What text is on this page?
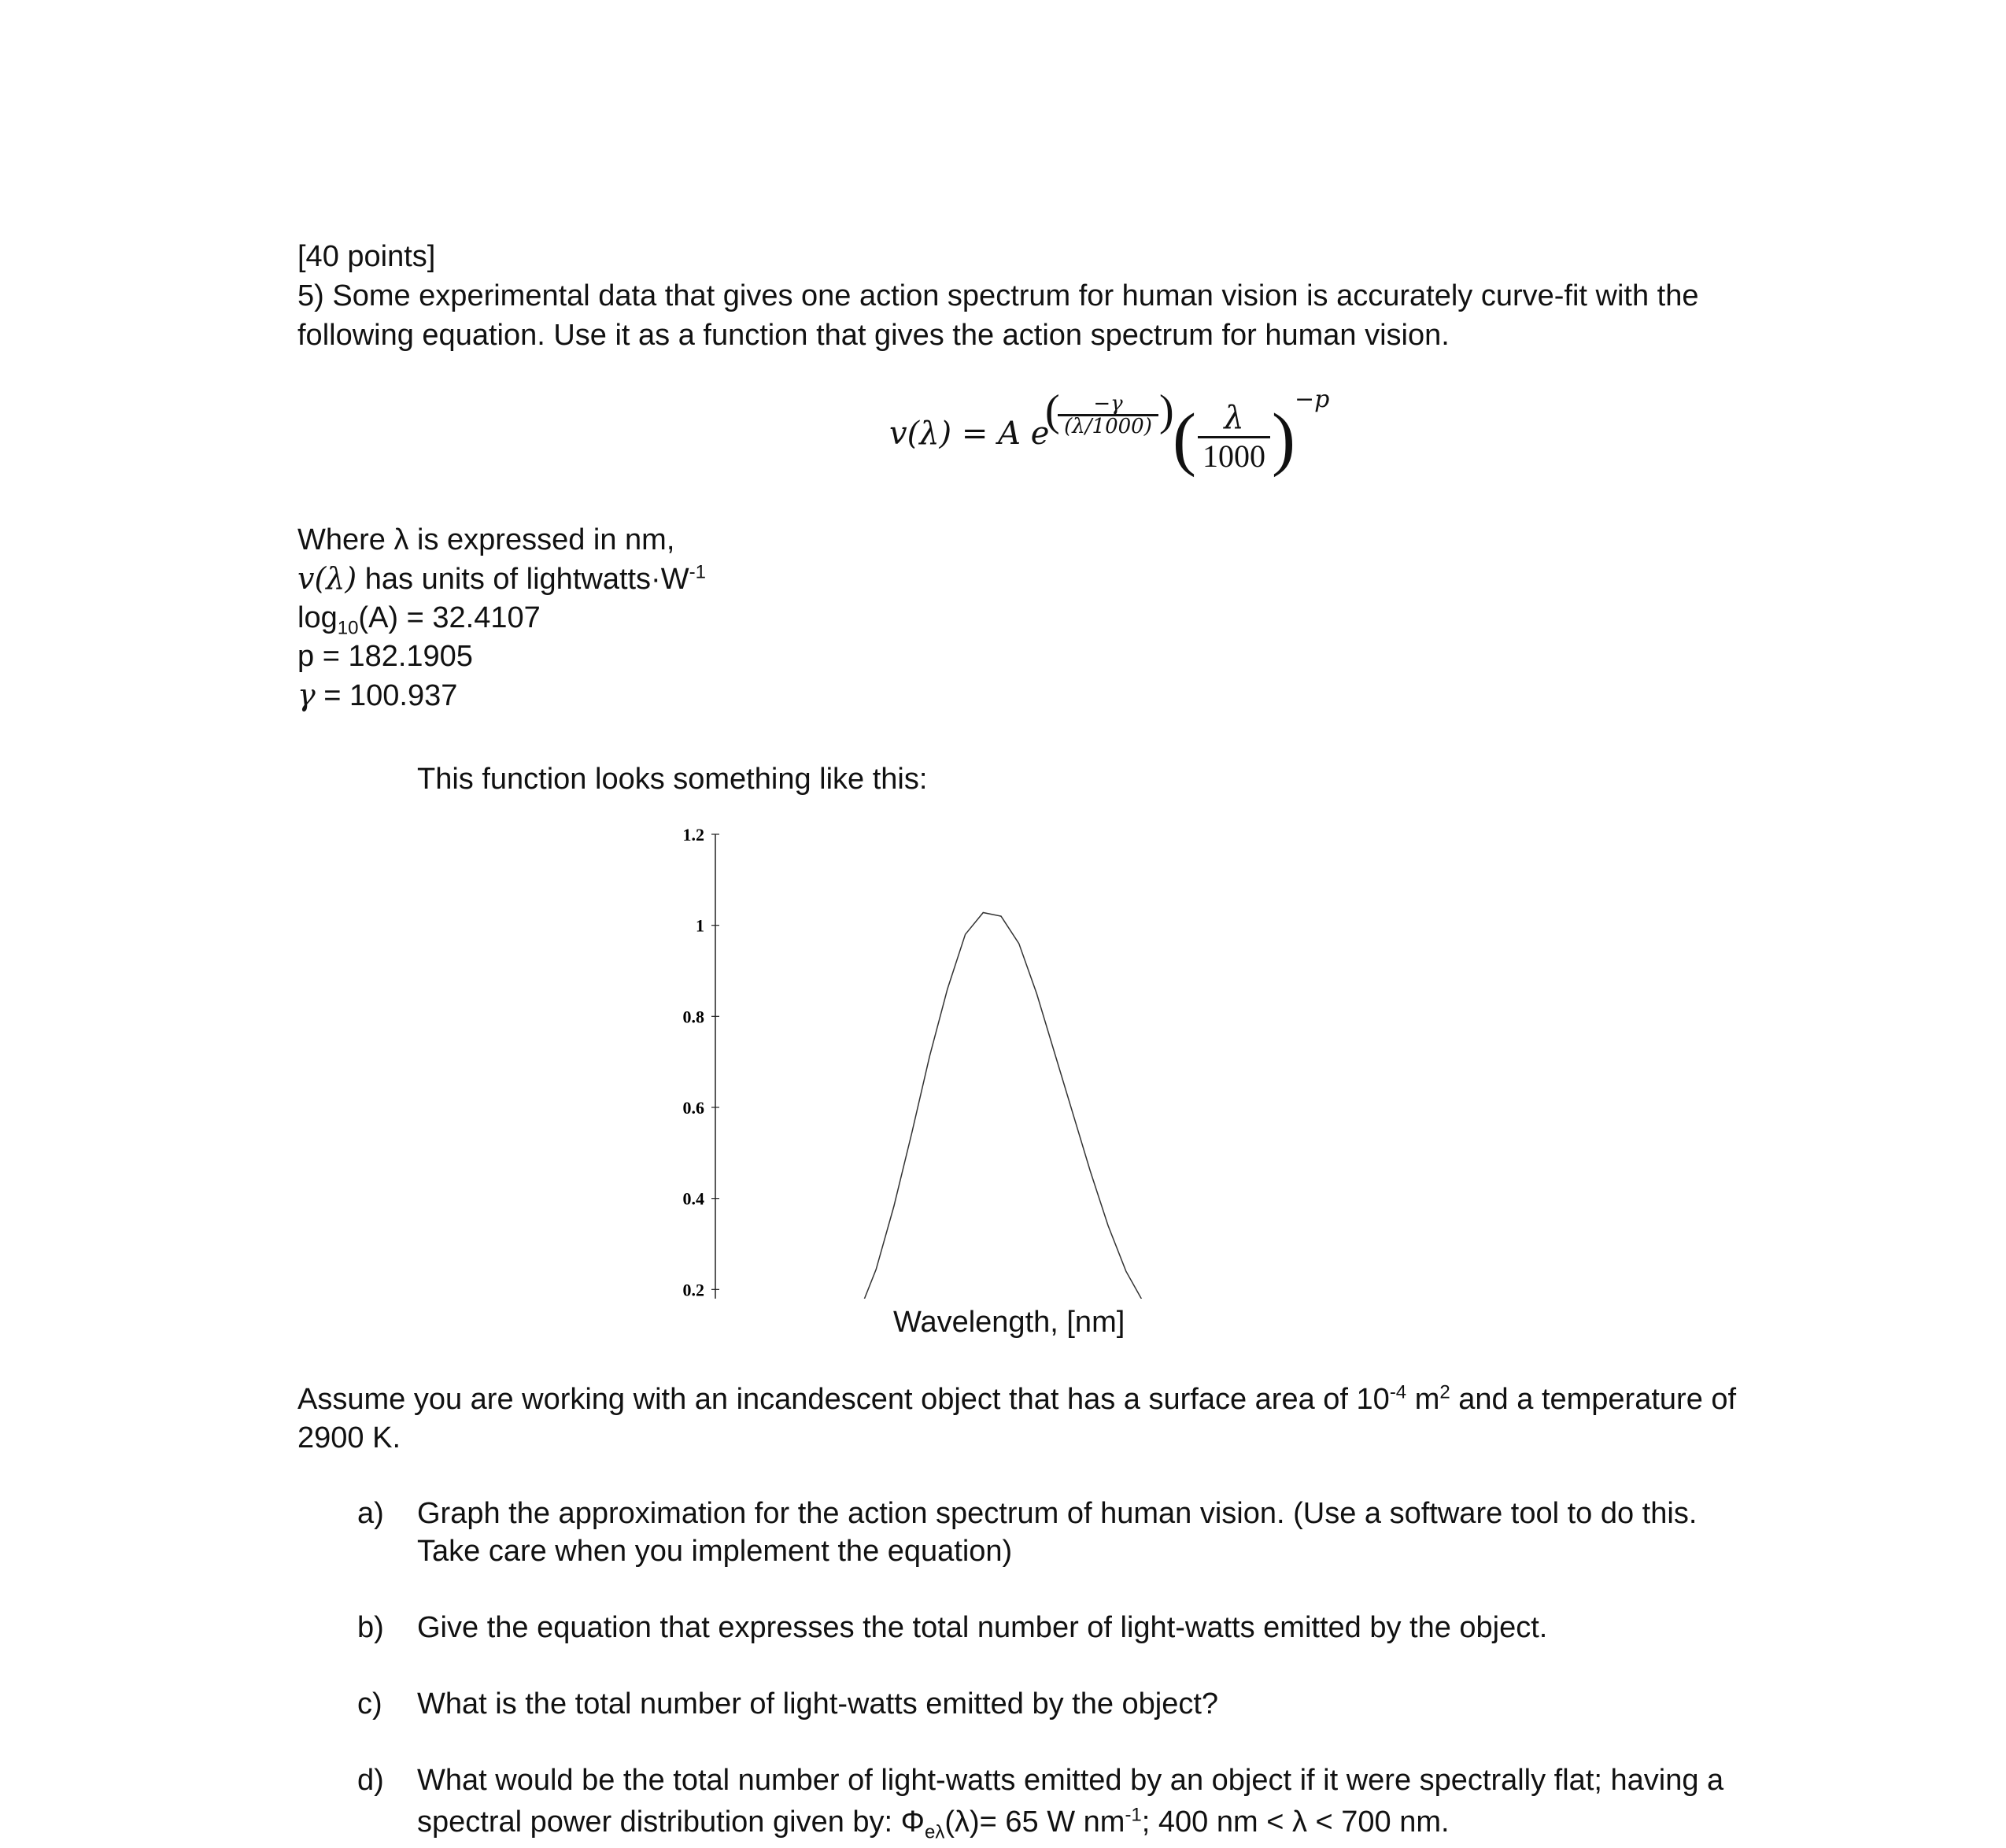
[40 points]
5) Some experimental data that gives one action spectrum for human vision is accurately curve-fit with the
following equation. Use it as a function that gives the action spectrum for human vision.
v(λ) = A e
(
$\frac{-\gamma}{(\lambda/1000)}$ )
( $\frac{\lambda}{1000}$ )
−p
Where λ is expressed in nm,
v(λ) has units of $lightwatts\cdot W^{-1}$
$\log_{10}(A) = 32.4107$
p = 182.1905
γ = 100.937
This function looks something like this:
0.2
0.4
0.6
0.8
1
1.2
Wavelength, [nm]
Assume you are working with an incandescent object that has a surface area of $10^{-4}$ $m^2$ and a temperature of
2900 K.
a) Graph the approximation for the action spectrum of human vision. (Use a software tool to do this.
Take care when you implement the equation)
b) Give the equation that expresses the total number of light-watts emitted by the object.
c) What is the total number of light-watts emitted by the object?
d) What would be the total number of light-watts emitted by an object if it were spectrally flat; having a
spectral power distribution given by: $\Phi_{e\lambda}(\lambda)= 65$ W $nm^{-1}$; 400 nm < λ < 700 nm.
